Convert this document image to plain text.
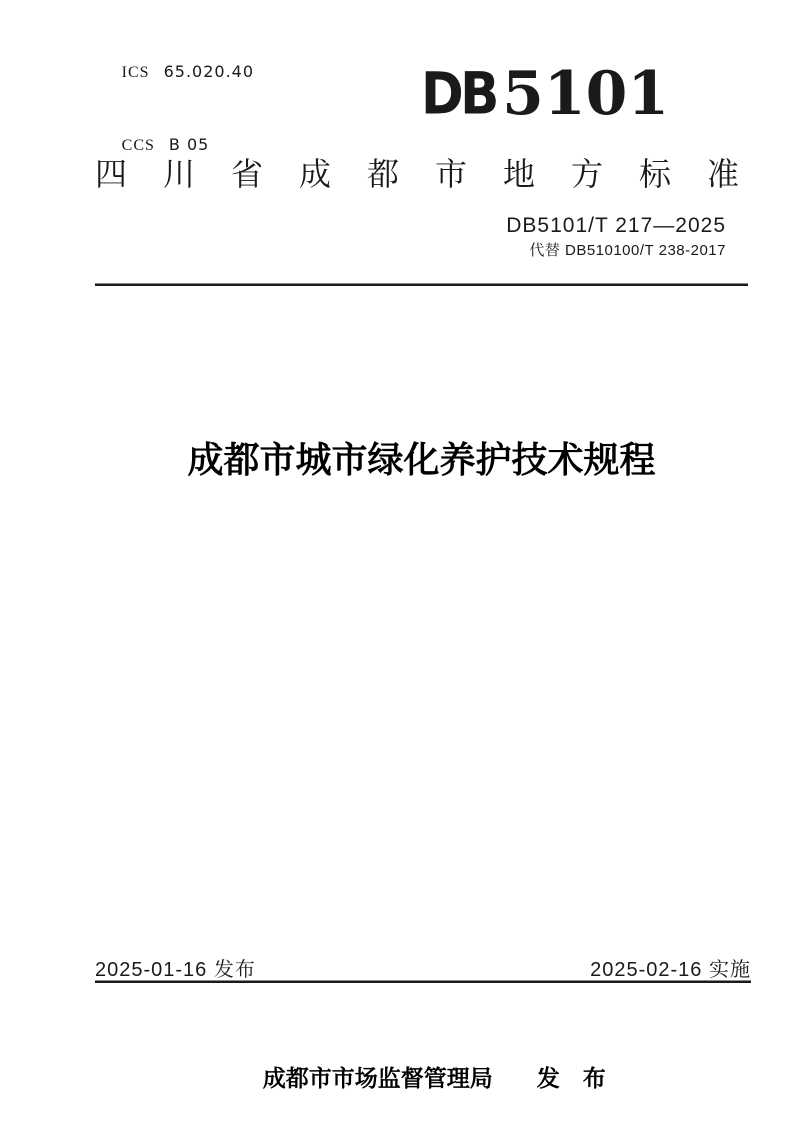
ICS 65.020.40

CCS B 05

DB 5101
四川省成都市地方标准
DB5101/T 217—2025
代替 DB510100/T 238-2017
成都市城市绿化养护技术规程
2025-01-16 发布	2025-02-16 实施

成都市市场监督管理局 发　布
